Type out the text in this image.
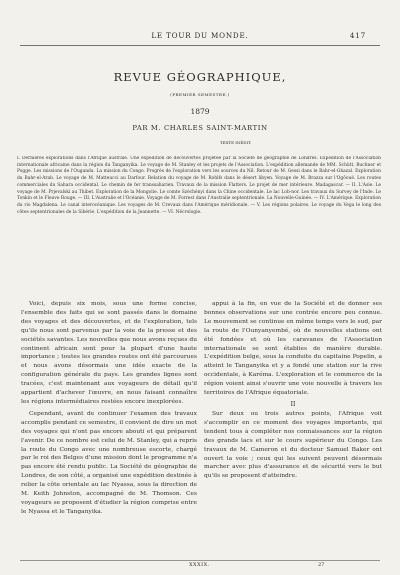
LE TOUR DU MONDE.	417
REVUE GÉOGRAPHIQUE,
(PREMIER SEMESTRE.)
1879
PAR M. CHARLES SAINT-MARTIN
TEXTE INÉDIT.
I. Dernières explorations dans l'Afrique australe. Une expédition de découvertes projetée par la Société de géographie de Londres. Expédition de l'Association internationale africaine dans la région du Tanganyika. Le voyage de M. Stanley et les projets de l'Association. L'expédition allemande de MM. Schütt, Buchner et Pogge. Les missions de l'Ouganda. La mission du Congo. Progrès de l'exploration vers les sources du Nil. Retour de M. Gessi dans le Bahr-el-Ghazal. Exploration du Bahr-el-Arab. Le voyage de M. Matteucci au Darfour. Relation du voyage de M. Rohlfs dans le désert libyen. Voyage de M. Brazza sur l'Ogôoué. Les routes commerciales du Sahara occidental. Le chemin de fer transsaharien. Travaux de la mission Flatters. Le projet de mer intérieure. Madagascar. — II. L'Asie. Le voyage de M. Prjevalski au Thibet. Exploration de la Mongolie. Le comte Széchényi dans la Chine occidentale. Le lac Lob-nor. Les travaux du Survey de l'Inde. Le Tonkin et le Fleuve Rouge. — III. L'Australie et l'Océanie. Voyage de M. Forrest dans l'Australie septentrionale. La Nouvelle-Guinée. — IV. L'Amérique. Exploration du rio Magdalena. Le canal interocéanique. Les voyages de M. Crevaux dans l'Amérique méridionale. — V. Les régions polaires. Le voyage du Vega le long des côtes septentrionales de la Sibérie. L'expédition de la Jeannette. — VI. Nécrologie.

Voici, depuis six mois, sous une forme concise, l'ensemble des faits qui se sont passés dans le domaine des voyages et des découvertes, et de l'exploration, tels qu'ils nous sont parvenus par la voie de la presse et des sociétés savantes. Les nouvelles que nous avons reçues du continent africain sont pour la plupart d'une haute importance ; toutes les grandes routes ont été parcourues et nous avons désormais une idée exacte de la configuration générale du pays. Les grandes lignes sont tracées, c'est maintenant aux voyageurs de détail qu'il appartient d'achever l'œuvre, en nous faisant connaître les régions intermédiaires restées encore inexplorées.

Cependant, avant de continuer l'examen des travaux accomplis pendant ce semestre, il convient de dire un mot des voyages qui n'ont pas encore abouti et qui préparent l'avenir. De ce nombre est celui de M. Stanley, qui a repris la route du Congo avec une nombreuse escorte, chargé par le roi des Belges d'une mission dont le programme n'a pas encore été rendu public. La Société de géographie de Londres, de son côté, a organisé une expédition destinée à relier la côte orientale au lac Nyassa, sous la direction de M. Keith Johnston, accompagné de M. Thomson. Ces voyageurs se proposent d'étudier la région comprise entre le Nyassa et le Tanganyika.

appui à la fin, en vue de la Société et de donner ses bonnes observations sur une contrée encore peu connue. Le mouvement se continue en même temps vers le sud, par la route de l'Ounyanyembé, où de nouvelles stations ont été fondées et où les caravanes de l'Association internationale se sont établies de manière durable. L'expédition belge, sous la conduite du capitaine Popelin, a atteint le Tanganyika et y a fondé une station sur la rive occidentale, à Karéma. L'exploration et le commerce de la région voient ainsi s'ouvrir une voie nouvelle à travers les territoires de l'Afrique équatoriale.

II

Sur deux ou trois autres points, l'Afrique voit s'accomplir en ce moment des voyages importants, qui tendent tous à compléter nos connaissances sur la région des grands lacs et sur le cours supérieur du Congo. Les travaux de M. Cameron et du docteur Samuel Baker ont ouvert la voie ; ceux qui les suivent peuvent désormais marcher avec plus d'assurance et de sécurité vers le but qu'ils se proposent d'atteindre.

XXXIX.	27
